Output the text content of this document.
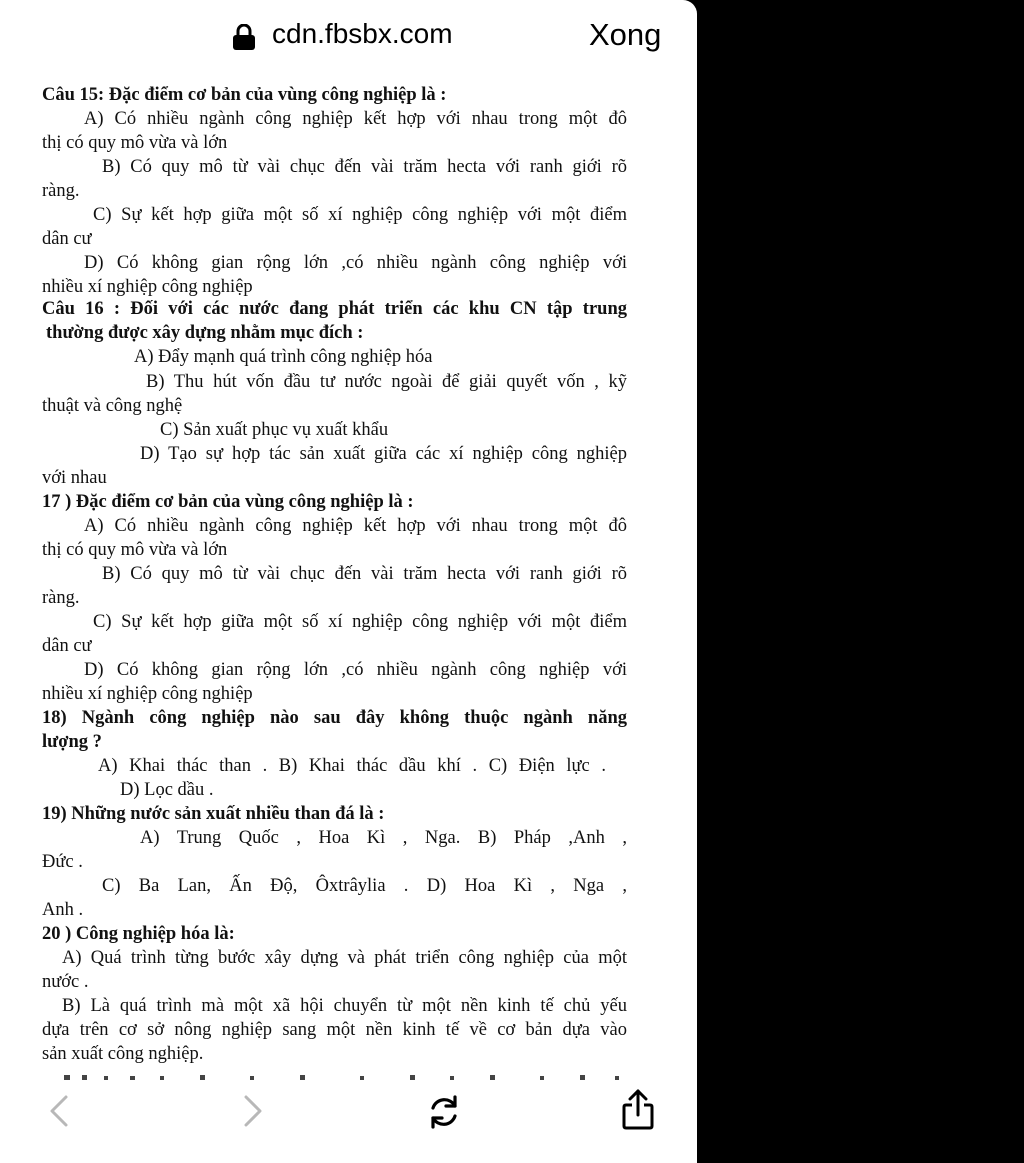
cdn.fbsbx.com	Xong
Câu 15: Đặc điểm cơ bản của vùng công nghiệp là :
A) Có nhiều ngành công nghiệp kết hợp với nhau trong một đô
thị có quy mô vừa và lớn
B) Có quy mô từ vài chục đến vài trăm hecta với ranh giới rõ
ràng.
C) Sự kết hợp giữa một số xí nghiệp công nghiệp với một điểm
dân cư
D) Có không gian rộng lớn ,có nhiều ngành công nghiệp với
nhiều xí nghiệp công nghiệp
Câu 16 : Đối với các nước đang phát triển các khu CN tập trung
thường được xây dựng nhằm mục đích :
A) Đẩy mạnh quá trình công nghiệp hóa
B) Thu hút vốn đầu tư nước ngoài để giải quyết vốn , kỹ
thuật và công nghệ
C) Sản xuất phục vụ xuất khẩu
D) Tạo sự hợp tác sản xuất giữa các xí nghiệp công nghiệp
với nhau
17 ) Đặc điểm cơ bản của vùng công nghiệp là :
A) Có nhiều ngành công nghiệp kết hợp với nhau trong một đô
thị có quy mô vừa và lớn
B) Có quy mô từ vài chục đến vài trăm hecta với ranh giới rõ
ràng.
C) Sự kết hợp giữa một số xí nghiệp công nghiệp với một điểm
dân cư
D) Có không gian rộng lớn ,có nhiều ngành công nghiệp với
nhiều xí nghiệp công nghiệp
18) Ngành công nghiệp nào sau đây không thuộc ngành năng
lượng ?
A) Khai thác than . B) Khai thác dầu khí . C) Điện lực .
D) Lọc dầu .
19) Những nước sản xuất nhiều than đá là :
A) Trung Quốc , Hoa Kì , Nga. B) Pháp ,Anh ,
Đức .
C) Ba Lan, Ấn Độ, Ôxtrâylia . D) Hoa Kì , Nga ,
Anh .
20 ) Công nghiệp hóa là:
A) Quá trình từng bước xây dựng và phát triển công nghiệp của một
nước .
B) Là quá trình mà một xã hội chuyển từ một nền kinh tế chủ yếu
dựa trên cơ sở nông nghiệp sang một nền kinh tế về cơ bản dựa vào
sản xuất công nghiệp.
